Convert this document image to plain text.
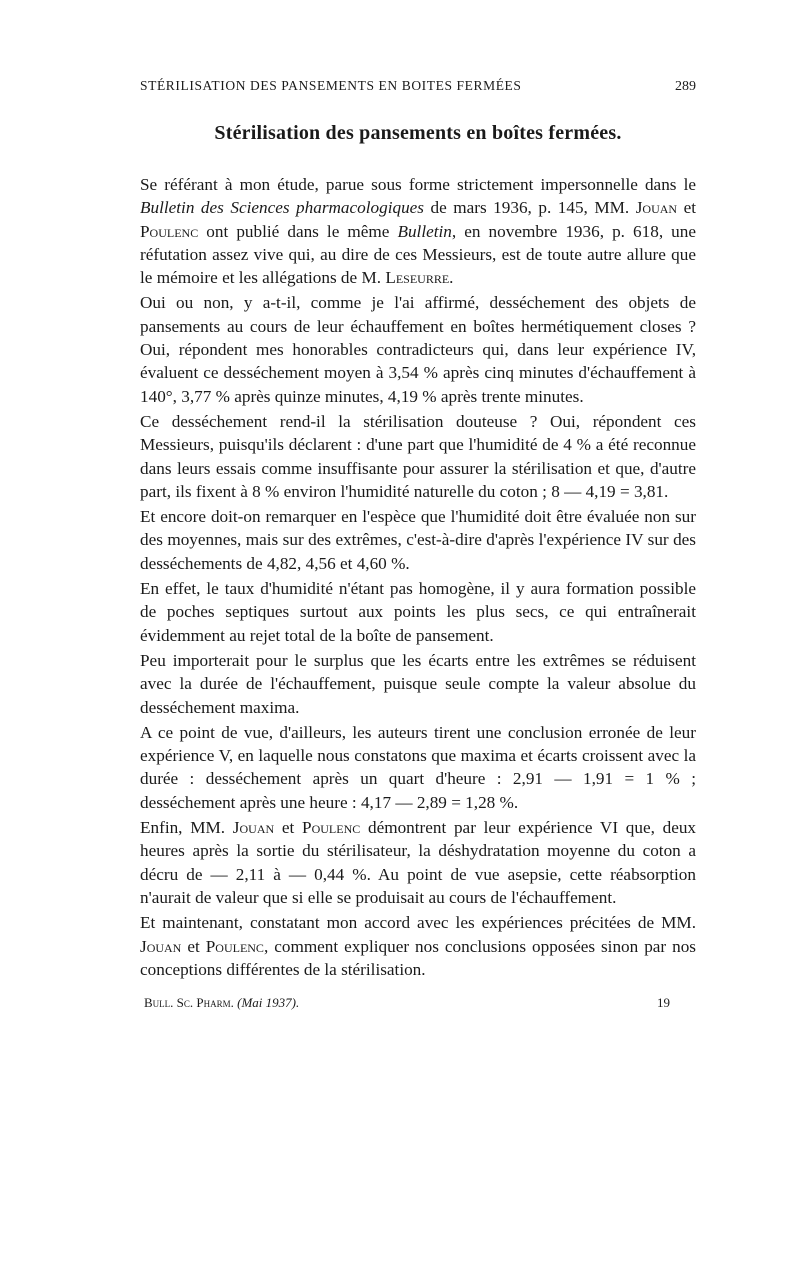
STÉRILISATION DES PANSEMENTS EN BOITES FERMÉES	289
Stérilisation des pansements en boîtes fermées.

Se référant à mon étude, parue sous forme strictement impersonnelle dans le Bulletin des Sciences pharmacologiques de mars 1936, p. 145, MM. Jouan et Poulenc ont publié dans le même Bulletin, en novembre 1936, p. 618, une réfutation assez vive qui, au dire de ces Messieurs, est de toute autre allure que le mémoire et les allégations de M. Leseurre.

Oui ou non, y a-t-il, comme je l'ai affirmé, desséchement des objets de pansements au cours de leur échauffement en boîtes hermétiquement closes ? Oui, répondent mes honorables contradicteurs qui, dans leur expérience IV, évaluent ce desséchement moyen à 3,54 % après cinq minutes d'échauffement à 140°, 3,77 % après quinze minutes, 4,19 % après trente minutes.

Ce desséchement rend-il la stérilisation douteuse ? Oui, répondent ces Messieurs, puisqu'ils déclarent : d'une part que l'humidité de 4 % a été reconnue dans leurs essais comme insuffisante pour assurer la stérilisation et que, d'autre part, ils fixent à 8 % environ l'humidité naturelle du coton ; 8 — 4,19 = 3,81.

Et encore doit-on remarquer en l'espèce que l'humidité doit être évaluée non sur des moyennes, mais sur des extrêmes, c'est-à-dire d'après l'expérience IV sur des desséchements de 4,82, 4,56 et 4,60 %.

En effet, le taux d'humidité n'étant pas homogène, il y aura formation possible de poches septiques surtout aux points les plus secs, ce qui entraînerait évidemment au rejet total de la boîte de pansement.

Peu importerait pour le surplus que les écarts entre les extrêmes se réduisent avec la durée de l'échauffement, puisque seule compte la valeur absolue du desséchement maxima.

A ce point de vue, d'ailleurs, les auteurs tirent une conclusion erronée de leur expérience V, en laquelle nous constatons que maxima et écarts croissent avec la durée : desséchement après un quart d'heure : 2,91 — 1,91 = 1 % ; desséchement après une heure : 4,17 — 2,89 = 1,28 %.

Enfin, MM. Jouan et Poulenc démontrent par leur expérience VI que, deux heures après la sortie du stérilisateur, la déshydratation moyenne du coton a décru de — 2,11 à — 0,44 %. Au point de vue asepsie, cette réabsorption n'aurait de valeur que si elle se produisait au cours de l'échauffement.

Et maintenant, constatant mon accord avec les expériences précitées de MM. Jouan et Poulenc, comment expliquer nos conclusions opposées sinon par nos conceptions différentes de la stérilisation.

Bull. Sc. Pharm. (Mai 1937).	19
